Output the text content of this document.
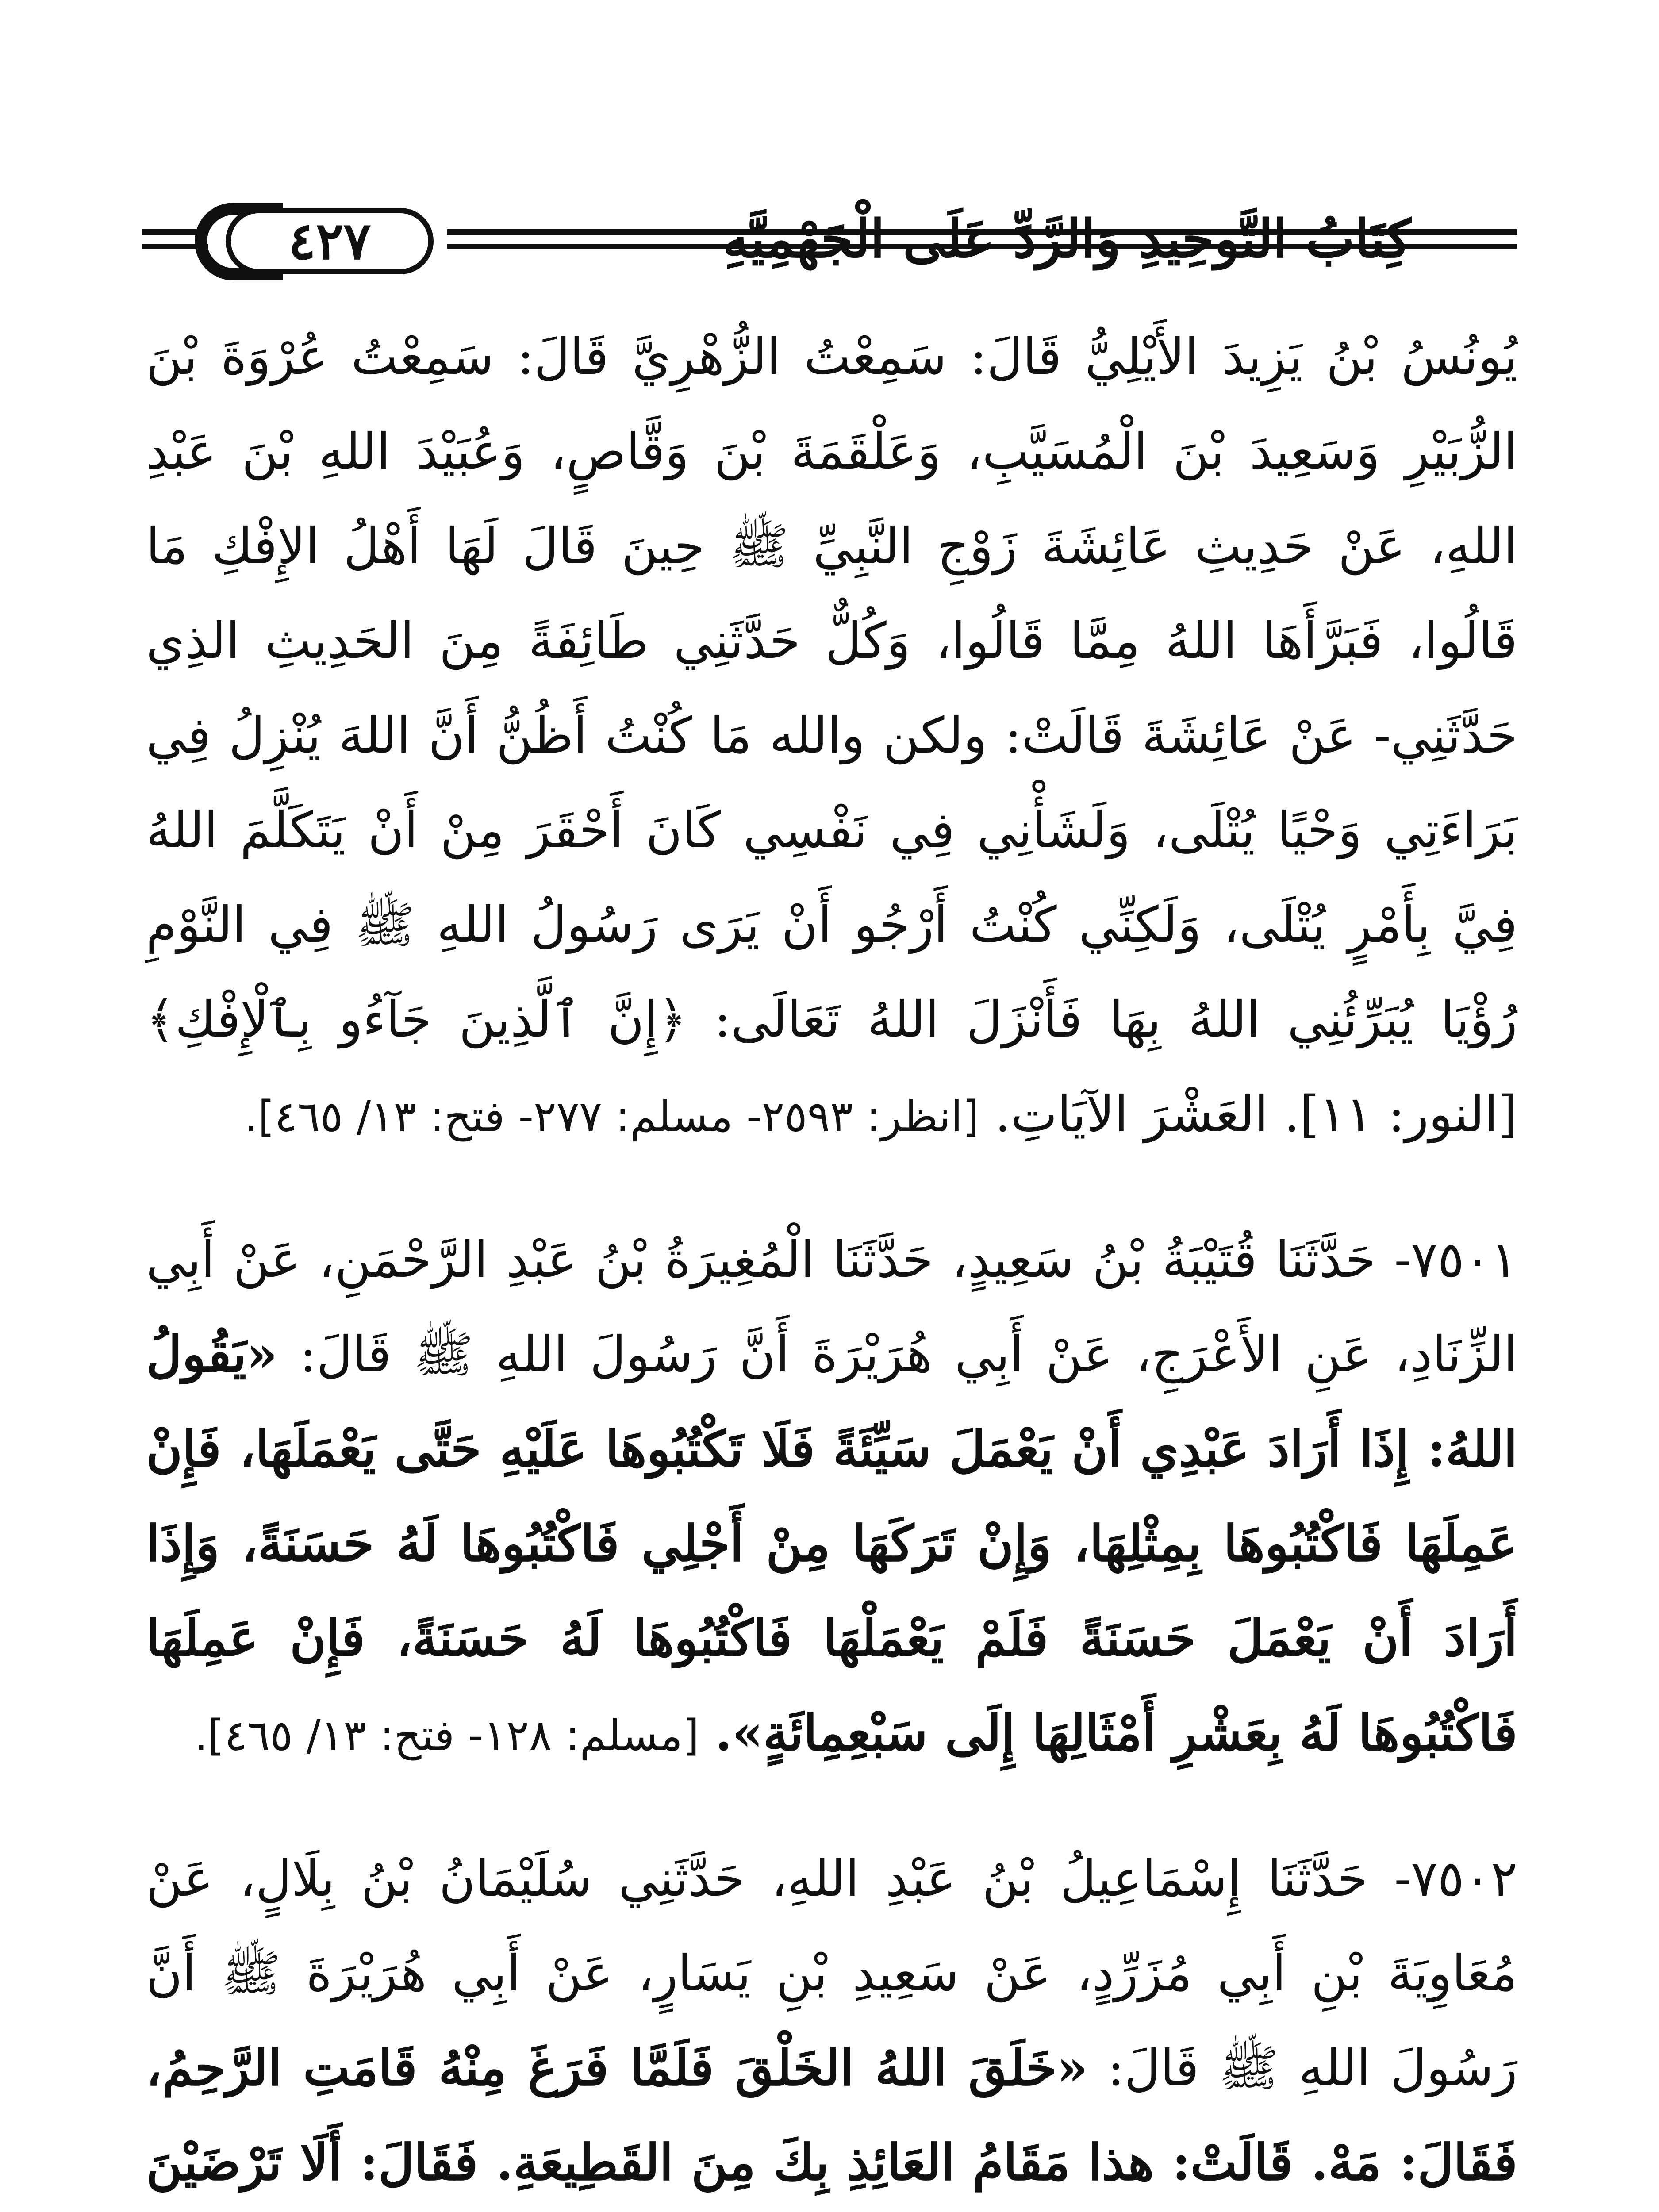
٤٢٧	كِتَابُ التَّوحِيدِ وَالرَّدِّ عَلَى الْجَهْمِيَّةِ

يُونُسُ بْنُ يَزِيدَ الأَيْلِيُّ قَالَ: سَمِعْتُ الزُّهْرِيَّ قَالَ: سَمِعْتُ عُرْوَةَ بْنَ الزُّبَيْرِ وَسَعِيدَ بْنَ الْمُسَيَّبِ، وَعَلْقَمَةَ بْنَ وَقَّاصٍ، وَعُبَيْدَ اللهِ بْنَ عَبْدِ اللهِ، عَنْ حَدِيثِ عَائِشَةَ زَوْجِ النَّبِيِّ ﷺ حِينَ قَالَ لَهَا أَهْلُ الإِفْكِ مَا قَالُوا، فَبَرَّأَهَا اللهُ مِمَّا قَالُوا، وَكُلٌّ حَدَّثَنِي طَائِفَةً مِنَ الحَدِيثِ الذِي حَدَّثَنِي- عَنْ عَائِشَةَ قَالَتْ: ولكن والله مَا كُنْتُ أَظُنُّ أَنَّ اللهَ يُنْزِلُ فِي بَرَاءَتِي وَحْيًا يُتْلَى، وَلَشَأْنِي فِي نَفْسِي كَانَ أَحْقَرَ مِنْ أَنْ يَتَكَلَّمَ اللهُ فِيَّ بِأَمْرٍ يُتْلَى، وَلَكِنِّي كُنْتُ أَرْجُو أَنْ يَرَى رَسُولُ اللهِ ﷺ فِي النَّوْمِ رُؤْيَا يُبَرِّئُنِي اللهُ بِهَا فَأَنْزَلَ اللهُ تَعَالَى: ﴿إِنَّ ٱلَّذِينَ جَآءُو بِٱلْإِفْكِ﴾ [النور: ١١]. العَشْرَ الآيَاتِ. [انظر: ٢٥٩٣- مسلم: ٢٧٧- فتح: ١٣/ ٤٦٥].

٧٥٠١- حَدَّثَنَا قُتَيْبَةُ بْنُ سَعِيدٍ، حَدَّثَنَا الْمُغِيرَةُ بْنُ عَبْدِ الرَّحْمَنِ، عَنْ أَبِي الزِّنَادِ، عَنِ الأَعْرَجِ، عَنْ أَبِي هُرَيْرَةَ أَنَّ رَسُولَ اللهِ ﷺ قَالَ: «يَقُولُ اللهُ: إِذَا أَرَادَ عَبْدِي أَنْ يَعْمَلَ سَيِّئَةً فَلَا تَكْتُبُوهَا عَلَيْهِ حَتَّى يَعْمَلَهَا، فَإِنْ عَمِلَهَا فَاكْتُبُوهَا بِمِثْلِهَا، وَإِنْ تَرَكَهَا مِنْ أَجْلِي فَاكْتُبُوهَا لَهُ حَسَنَةً، وَإِذَا أَرَادَ أَنْ يَعْمَلَ حَسَنَةً فَلَمْ يَعْمَلْهَا فَاكْتُبُوهَا لَهُ حَسَنَةً، فَإِنْ عَمِلَهَا فَاكْتُبُوهَا لَهُ بِعَشْرِ أَمْثَالِهَا إِلَى سَبْعِمِائَةٍ». [مسلم: ١٢٨- فتح: ١٣/ ٤٦٥].

٧٥٠٢- حَدَّثَنَا إِسْمَاعِيلُ بْنُ عَبْدِ اللهِ، حَدَّثَنِي سُلَيْمَانُ بْنُ بِلَالٍ، عَنْ مُعَاوِيَةَ بْنِ أَبِي مُزَرِّدٍ، عَنْ سَعِيدِ بْنِ يَسَارٍ، عَنْ أَبِي هُرَيْرَةَ ﷺ أَنَّ رَسُولَ اللهِ ﷺ قَالَ: «خَلَقَ اللهُ الخَلْقَ فَلَمَّا فَرَغَ مِنْهُ قَامَتِ الرَّحِمُ، فَقَالَ: مَهْ. قَالَتْ: هذا مَقَامُ العَائِذِ بِكَ مِنَ القَطِيعَةِ. فَقَالَ: أَلَا تَرْضَيْنَ
